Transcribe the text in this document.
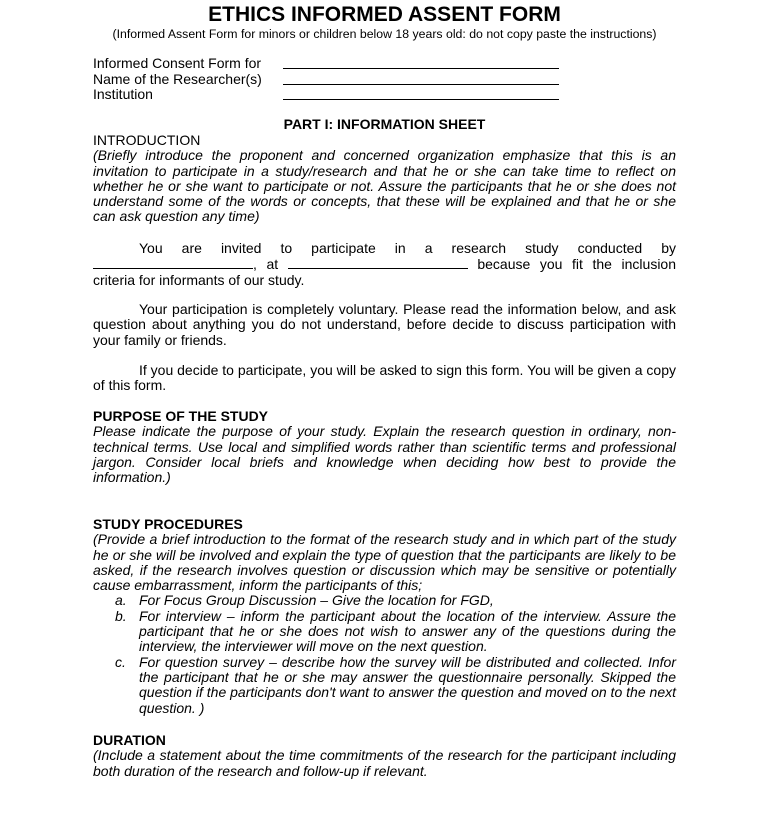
ETHICS INFORMED ASSENT FORM
(Informed Assent Form for minors or children below 18 years old: do not copy paste the instructions)
Informed Consent Form for
Name of the Researcher(s)
Institution
PART I: INFORMATION SHEET
INTRODUCTION
(Briefly introduce the proponent and concerned organization emphasize that this is an invitation to participate in a study/research and that he or she can take time to reflect on whether he or she want to participate or not. Assure the participants that he or she does not understand some of the words or concepts, that these will be explained and that he or she can ask question any time)
You are invited to participate in a research study conducted by , at	because you fit the inclusion criteria for informants of our study.
Your participation is completely voluntary. Please read the information below, and ask question about anything you do not understand, before decide to discuss participation with your family or friends.
If you decide to participate, you will be asked to sign this form. You will be given a copy of this form.
PURPOSE OF THE STUDY
Please indicate the purpose of your study. Explain the research question in ordinary, non-technical terms. Use local and simplified words rather than scientific terms and professional jargon. Consider local briefs and knowledge when deciding how best to provide the information.)
STUDY PROCEDURES
(Provide a brief introduction to the format of the research study and in which part of the study he or she will be involved and explain the type of question that the participants are likely to be asked, if the research involves question or discussion which may be sensitive or potentially cause embarrassment, inform the participants of this;
a. For Focus Group Discussion – Give the location for FGD,
b. For interview – inform the participant about the location of the interview. Assure the participant that he or she does not wish to answer any of the questions during the interview, the interviewer will move on the next question.
c. For question survey – describe how the survey will be distributed and collected. Infor the participant that he or she may answer the questionnaire personally. Skipped the question if the participants don't want to answer the question and moved on to the next question. )
DURATION
(Include a statement about the time commitments of the research for the participant including both duration of the research and follow-up if relevant.
